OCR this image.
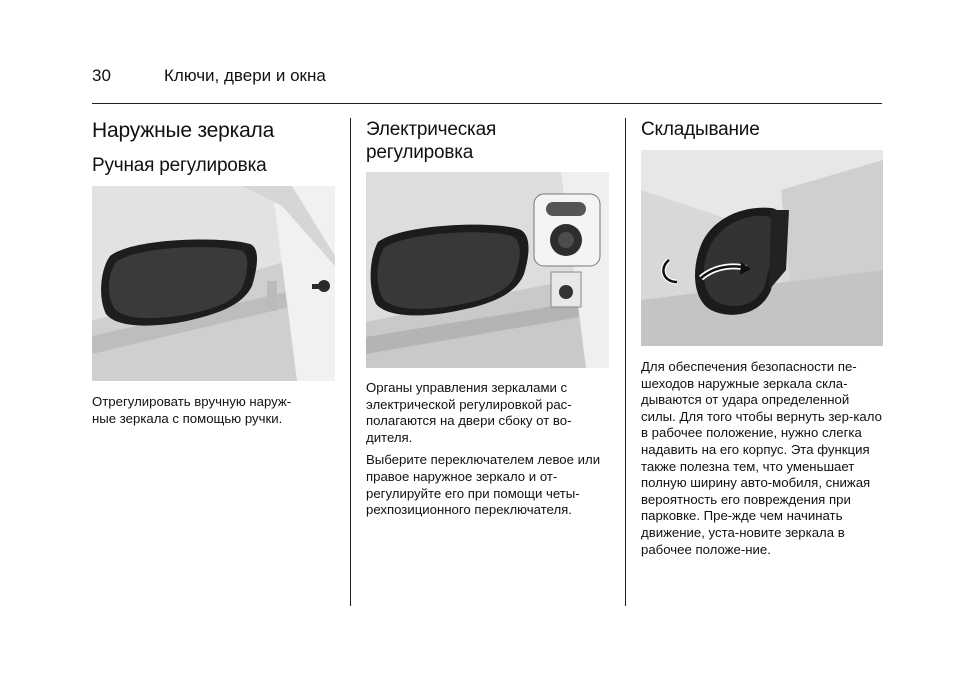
30	Ключи, двери и окна
Наружные зеркала
Ручная регулировка
Отрегулировать вручную наруж-
ные зеркала с помощью ручки.
Электрическая регулировка

Органы управления зеркалами с электрической регулировкой рас-полагаются на двери сбоку от во-дителя.

Выберите переключателем левое или правое наружное зеркало и от-регулируйте его при помощи четы-рехпозиционного переключателя.

Складывание
Для обеспечения безопасности пе-шеходов наружные зеркала скла-дываются от удара определенной силы. Для того чтобы вернуть зер-кало в рабочее положение, нужно слегка надавить на его корпус. Эта функция также полезна тем, что уменьшает полную ширину авто-мобиля, снижая вероятность его повреждения при парковке. Пре-жде чем начинать движение, уста-новите зеркала в рабочее положе-ние.
